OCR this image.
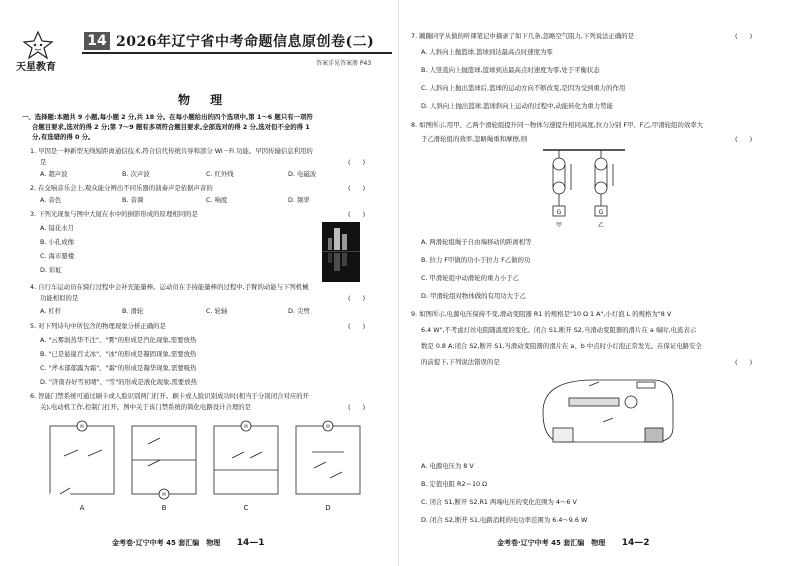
天星教育
14 2026年辽宁省中考命题信息原创卷(二)
答案详见答案册 P43
物 理
一、选择题:本题共 9 小题,每小题 2 分,共 18 分。在每小题给出的四个选项中,第 1～6 题只有一项符
合题目要求,选对的得 2 分;第 7～9 题有多项符合题目要求,全部选对的得 2 分,选对但不全的得 1
分,有选错的得 0 分。
1. 早因是一种新型无线短距离通信技术,符合信代传统共导和部分 Wi－Fi 功能。早因传输信息利用的
是	(      )
A. 超声波	B. 次声波	C. 红外线	D. 电磁波
2. 在交响音乐会上,观众能分辨出不同乐器的演奏声是依据声音的	(      )
A. 音色	B. 音调	C. 响度	D. 频率
3. 下列光现象与图中大厦在水中的倒影形成的原理相同的是	(      )
A. 镜花水月
B. 小孔成像
C. 海市蜃楼
D. 彩虹
4. 自行车运动员在骑行过程中会补充能量棒。运动员在手持能量棒的过程中,手臂的动能与下列机械
功能相似的是	(      )
A. 杠杆	B. 滑轮	C. 轮轴	D. 尖劈
5. 对下列诗句中所包含的物理现象分析正确的是	(      )
A. "云雾润蒸华不注"、"雾"的形成是汽化现象,需要放热
B. "已是悬崖百丈冰"、"冰"的形成是凝固现象,需要放热
C. "斧木郁郁露为霜"、"霜"的形成是凝华现象,需要吸热
D. "济南春好雪初晴"、"雪"的形成是液化现象,需要放热
6. 智能门禁系统可通过刷卡或人脸识别两门打开。刷卡或人脸识别成功时(相当于分别闭合对应的开
关),电动机工作,控制门打开。图中关于该门禁系统的简化电路设计合理的是	(      )
M
M
M	M
A	B	C	D
金考卷·辽宁中考 45 套汇编　物理 14—1
7. 蹦蹦同学从做的听课笔记中摘录了如下几条,忽略空气阻力,下列说法正确的是	(      )
A. 人斜向上抛篮球,篮球到达最高点时速度为零
B. 人竖直向上抛篮球,篮球到达最高点时速度为零,处于平衡状态
C. 人斜向上抛出篮球后,篮球的运动方向不断改变,是因为受到重力的作用
D. 人斜向上抛出篮球,篮球斜向上运动的过程中,动能转化为重力势能
8. 如图所示,用甲、乙两个滑轮组提升同一物体匀速提升相同高度,拉力分别 F甲、F乙,甲滑轮组的效率大
于乙滑轮组的效率,忽略绳重和摩擦,则	(      )
G	G
甲	乙
A. 两滑轮组绳子自由端移动的距离相等
B. 拉力 F甲做的功小于拉力 F乙做的功
C. 甲滑轮组中动滑轮的重力小于乙
D. 甲滑轮组对物体做的有用功大于乙
9. 如图所示,电源电压保持不变,滑动变阻器 R1 的规格是"10 Ω 1 A",小灯泡 L 的规格为"8 V
6.4 W",不考虑灯丝电阻随温度的变化。闭合 S1,断开 S2,当滑动变阻器的滑片在 a 端时,电流表示
数是 0.8 A;闭合 S2,断开 S1,当滑动变阻器的滑片在 a、b 中点时小灯泡正常发光。在保证电路安全
的前提下,下列说法错误的是	(      )
A. 电源电压为 8 V
B. 定值电阻 R2＝10 Ω
C. 闭合 S1,断开 S2,R1 两端电压的变化范围为 4～6 V
D. 闭合 S2,断开 S1,电路消耗的电功率范围为 6.4～9.6 W
金考卷·辽宁中考 45 套汇编　物理 14—2
